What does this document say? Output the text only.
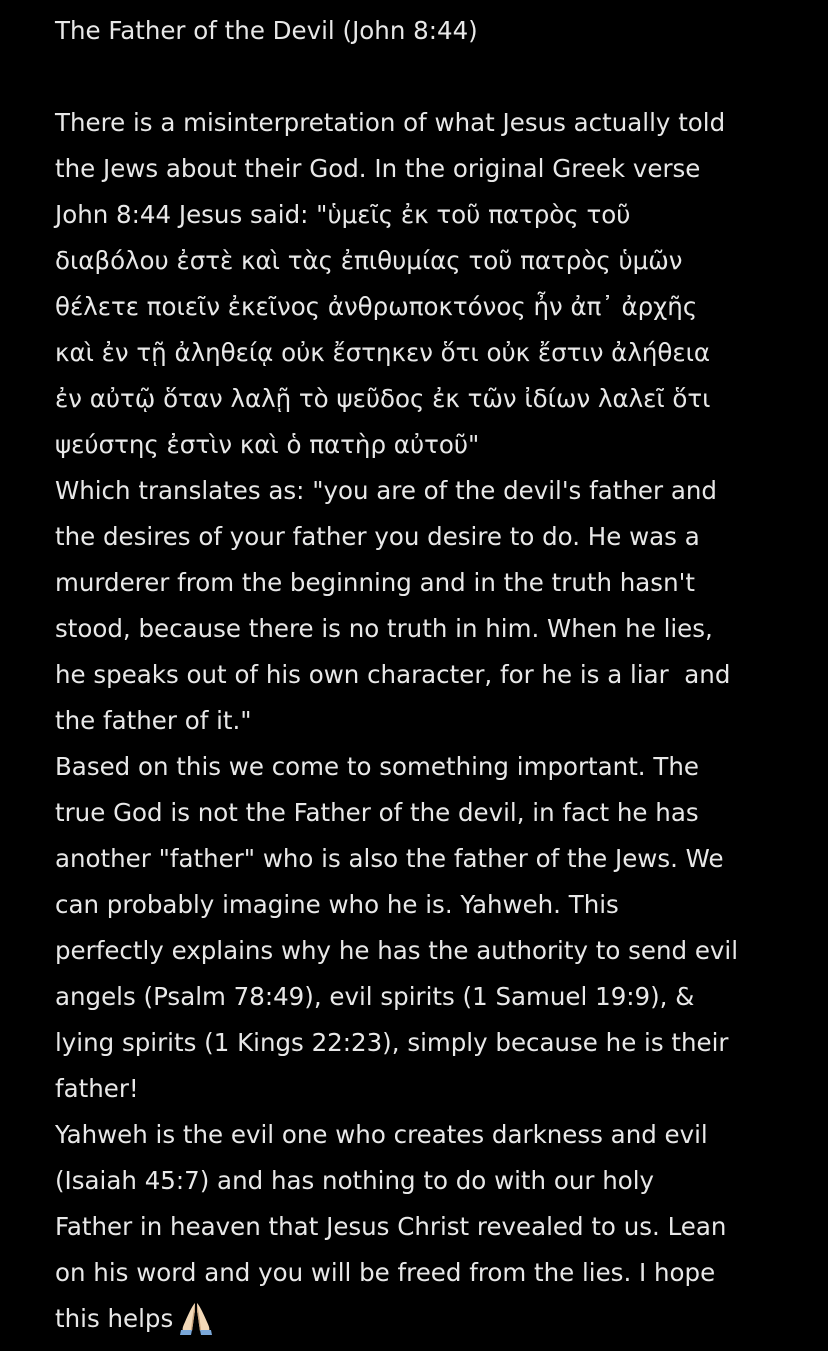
The Father of the Devil (John 8:44)
There is a misinterpretation of what Jesus actually told
the Jews about their God. In the original Greek verse
John 8:44 Jesus said: "ὑμεῖς ἐκ τοῦ πατρὸς τοῦ
διαβόλου ἐστὲ καὶ τὰς ἐπιθυμίας τοῦ πατρὸς ὑμῶν
θέλετε ποιεῖν ἐκεῖνος ἀνθρωποκτόνος ἦν ἀπ᾽ ἀρχῆς
καὶ ἐν τῇ ἀληθείᾳ οὐκ ἔστηκεν ὅτι οὐκ ἔστιν ἀλήθεια
ἐν αὐτῷ ὅταν λαλῇ τὸ ψεῦδος ἐκ τῶν ἰδίων λαλεῖ ὅτι
ψεύστης ἐστὶν καὶ ὁ πατὴρ αὐτοῦ"
Which translates as: "you are of the devil's father and
the desires of your father you desire to do. He was a
murderer from the beginning and in the truth hasn't
stood, because there is no truth in him. When he lies,
he speaks out of his own character, for he is a liar  and
the father of it."
Based on this we come to something important. The
true God is not the Father of the devil, in fact he has
another "father" who is also the father of the Jews. We
can probably imagine who he is. Yahweh. This
perfectly explains why he has the authority to send evil
angels (Psalm 78:49), evil spirits (1 Samuel 19:9), &
lying spirits (1 Kings 22:23), simply because he is their
father!
Yahweh is the evil one who creates darkness and evil
(Isaiah 45:7) and has nothing to do with our holy
Father in heaven that Jesus Christ revealed to us. Lean
on his word and you will be freed from the lies. I hope
this helps
